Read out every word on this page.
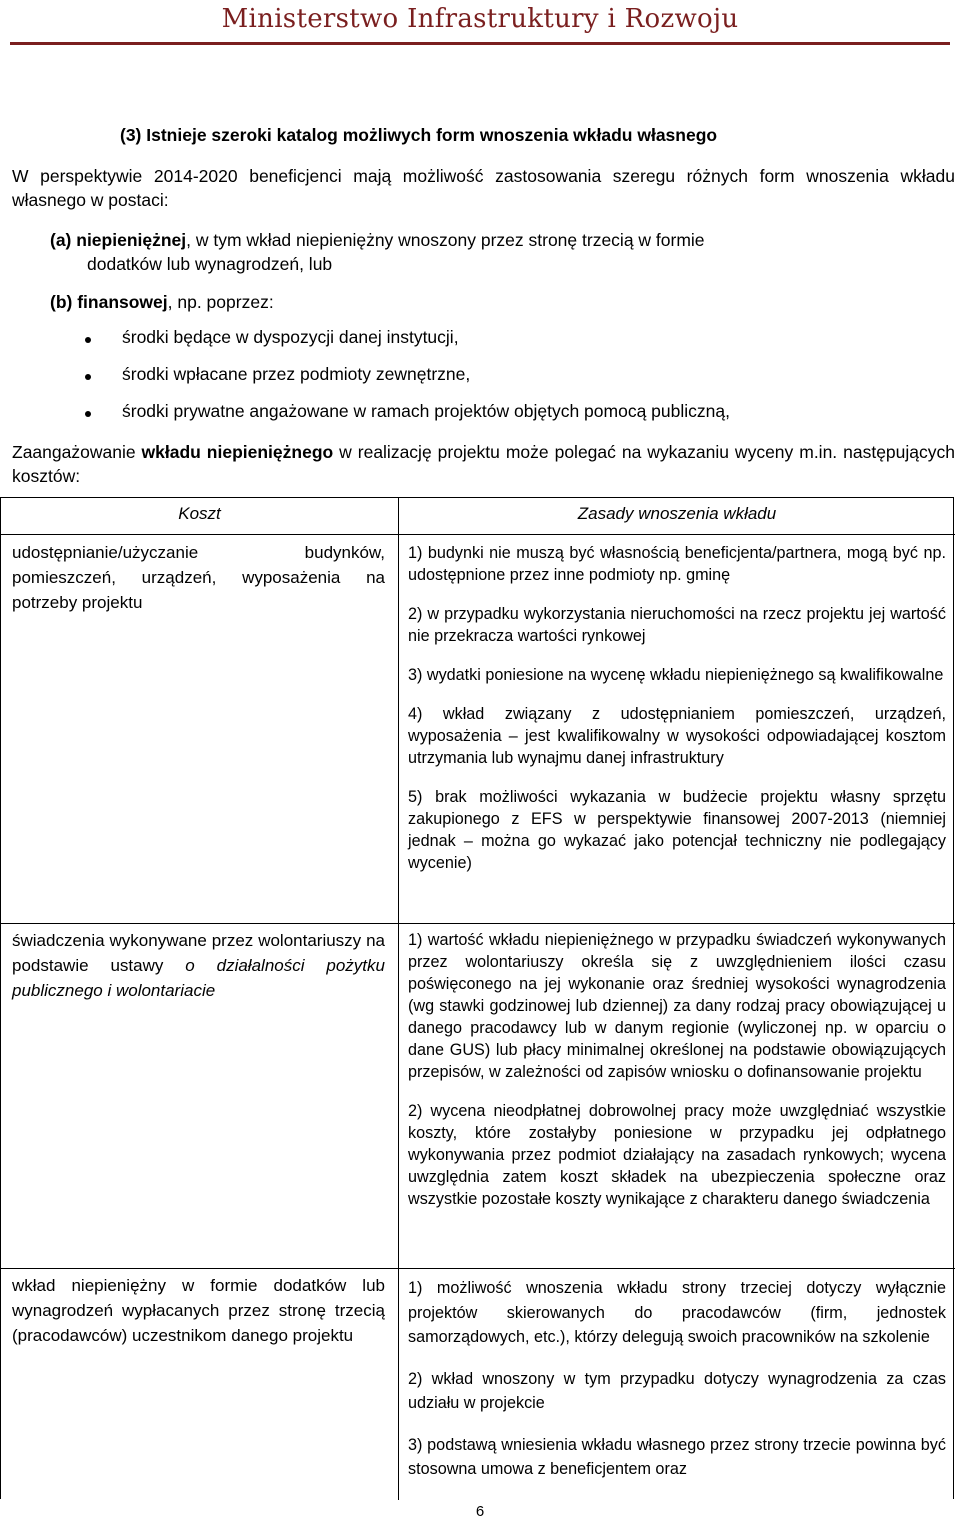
Ministerstwo Infrastruktury i Rozwoju
(3) Istnieje szeroki katalog możliwych form wnoszenia wkładu własnego
W perspektywie 2014-2020 beneficjenci mają możliwość zastosowania szeregu różnych form wnoszenia wkładu własnego w postaci:
(a) niepieniężnej, w tym wkład niepieniężny wnoszony przez stronę trzecią w formie
dodatków lub wynagrodzeń, lub
(b) finansowej, np. poprzez:
środki będące w dyspozycji danej instytucji,
środki wpłacane przez podmioty zewnętrzne,
środki prywatne angażowane w ramach projektów objętych pomocą publiczną,
Zaangażowanie wkładu niepieniężnego w realizację projektu może polegać na wykazaniu wyceny m.in. następujących kosztów:
Koszt	Zasady wnoszenia wkładu
udostępnianie/użyczanie budynków, pomieszczeń, urządzeń, wyposażenia na potrzeby projektu

1) budynki nie muszą być własnością beneficjenta/partnera, mogą być np. udostępnione przez inne podmioty np. gminę

2) w przypadku wykorzystania nieruchomości na rzecz projektu jej wartość nie przekracza wartości rynkowej

3) wydatki poniesione na wycenę wkładu niepieniężnego są kwalifikowalne

4) wkład związany z udostępnianiem pomieszczeń, urządzeń, wyposażenia – jest kwalifikowalny w wysokości odpowiadającej kosztom utrzymania lub wynajmu danej infrastruktury

5) brak możliwości wykazania w budżecie projektu własny sprzętu zakupionego z EFS w perspektywie finansowej 2007-2013 (niemniej jednak – można go wykazać jako potencjał techniczny nie podlegający wycenie)

świadczenia wykonywane przez wolontariuszy na podstawie ustawy o działalności pożytku publicznego i wolontariacie

1) wartość wkładu niepieniężnego w przypadku świadczeń wykonywanych przez wolontariuszy określa się z uwzględnieniem ilości czasu poświęconego na jej wykonanie oraz średniej wysokości wynagrodzenia (wg stawki godzinowej lub dziennej) za dany rodzaj pracy obowiązującej u danego pracodawcy lub w danym regionie (wyliczonej np. w oparciu o dane GUS) lub płacy minimalnej określonej na podstawie obowiązujących przepisów, w zależności od zapisów wniosku o dofinansowanie projektu

2) wycena nieodpłatnej dobrowolnej pracy może uwzględniać wszystkie koszty, które zostałyby poniesione w przypadku jej odpłatnego wykonywania przez podmiot działający na zasadach rynkowych; wycena uwzględnia zatem koszt składek na ubezpieczenia społeczne oraz wszystkie pozostałe koszty wynikające z charakteru danego świadczenia

wkład niepieniężny w formie dodatków lub wynagrodzeń wypłacanych przez stronę trzecią (pracodawców) uczestnikom danego projektu

1) możliwość wnoszenia wkładu strony trzeciej dotyczy wyłącznie projektów skierowanych do pracodawców (firm, jednostek samorządowych, etc.), którzy delegują swoich pracowników na szkolenie

2) wkład wnoszony w tym przypadku dotyczy wynagrodzenia za czas udziału w projekcie

3) podstawą wniesienia wkładu własnego przez strony trzecie powinna być stosowna umowa z beneficjentem oraz

6
